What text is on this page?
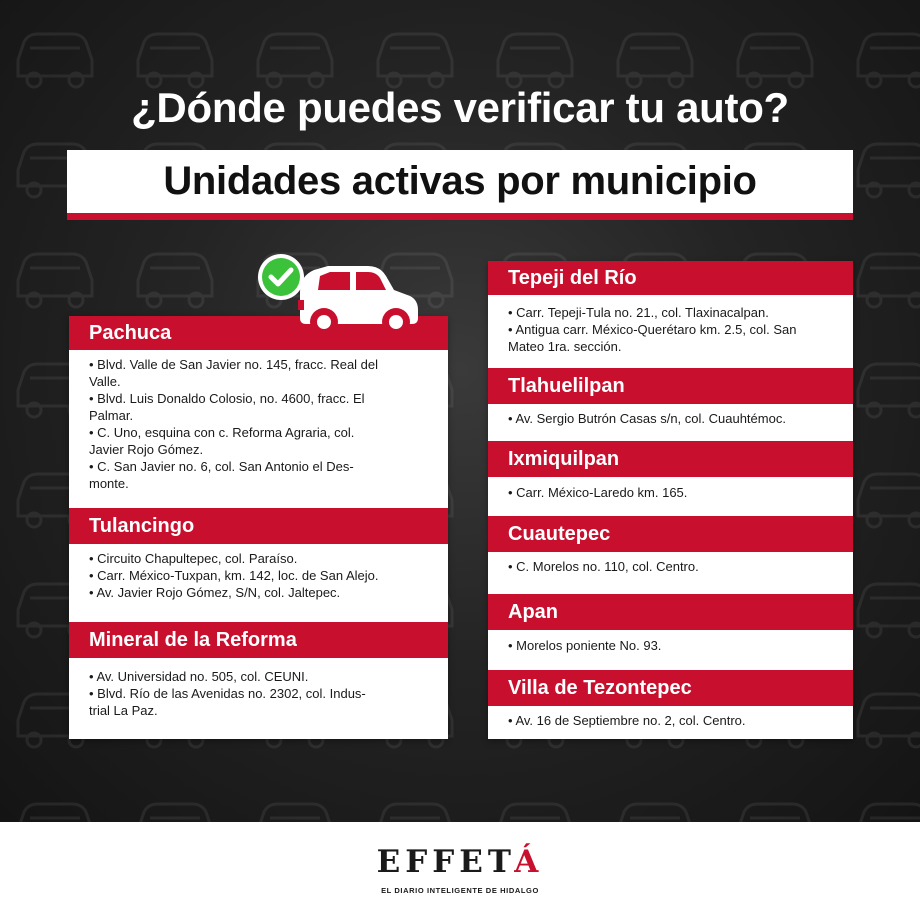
¿Dónde puedes verificar tu auto?
Unidades activas por municipio
Pachuca
• Blvd. Valle de San Javier no. 145, fracc. Real del
Valle.
• Blvd. Luis Donaldo Colosio, no. 4600, fracc. El
Palmar.
• C. Uno, esquina con c. Reforma Agraria, col.
Javier Rojo Gómez.
• C. San Javier no. 6, col. San Antonio el Des-
monte.
Tulancingo
• Circuito Chapultepec, col. Paraíso.
• Carr. México-Tuxpan, km. 142, loc. de San Alejo.
• Av. Javier Rojo Gómez, S/N, col. Jaltepec.
Mineral de la Reforma
• Av. Universidad no. 505, col. CEUNI.
• Blvd. Río de las Avenidas no. 2302, col. Indus-
trial La Paz.
Tepeji del Río
• Carr. Tepeji-Tula no. 21., col. Tlaxinacalpan.
• Antigua carr. México-Querétaro km. 2.5, col. San
Mateo 1ra. sección.
Tlahuelilpan
• Av. Sergio Butrón Casas s/n, col. Cuauhtémoc.
Ixmiquilpan
• Carr. México-Laredo km. 165.
Cuautepec
• C. Morelos no. 110, col. Centro.
Apan
• Morelos poniente No. 93.
Villa de Tezontepec
• Av. 16 de Septiembre no. 2, col. Centro.
EFFETÁ
EL DIARIO INTELIGENTE DE HIDALGO
